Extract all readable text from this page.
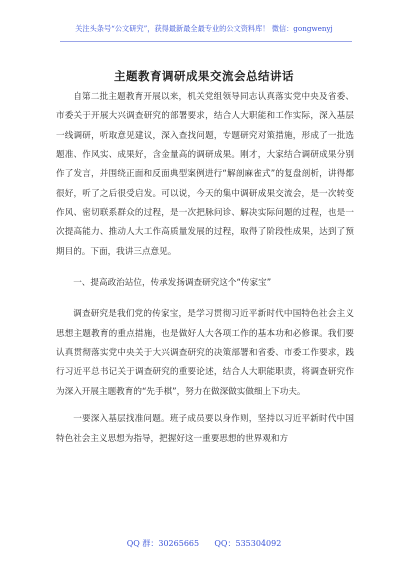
关注头条号“公文研究”，获得最新最全最专业的公文资料库！ 微信：gongwenyj
主题教育调研成果交流会总结讲话

自第二批主题教育开展以来，机关党组领导同志认真落实党中央及省委、市委关于开展大兴调查研究的部署要求，结合人大职能和工作实际，深入基层一线调研，听取意见建议，深入查找问题，专题研究对策措施，形成了一批选题准、作风实、成果好，含金量高的调研成果。刚才，大家结合调研成果分别作了发言，并围绕正面和反面典型案例进行“解剖麻雀式”的复盘剖析，讲得都很好，听了之后很受启发。可以说，今天的集中调研成果交流会，是一次转变作风、密切联系群众的过程，是一次把脉问诊、解决实际问题的过程，也是一次提高能力、推动人大工作高质量发展的过程，取得了阶段性成果，达到了预期目的。下面，我讲三点意见。

一、提高政治站位，传承发扬调查研究这个“传家宝”

调查研究是我们党的传家宝，是学习贯彻习近平新时代中国特色社会主义思想主题教育的重点措施，也是做好人大各项工作的基本功和必修课。我们要认真贯彻落实党中央关于大兴调查研究的决策部署和省委、市委工作要求，践行习近平总书记关于调查研究的重要论述，结合人大职能职责，将调查研究作为深入开展主题教育的“先手棋”，努力在做深做实做细上下功夫。

一要深入基层找准问题。班子成员要以身作则，坚持以习近平新时代中国特色社会主义思想为指导，把握好这一重要思想的世界观和方

QQ 群：30265665 QQ：535304092
